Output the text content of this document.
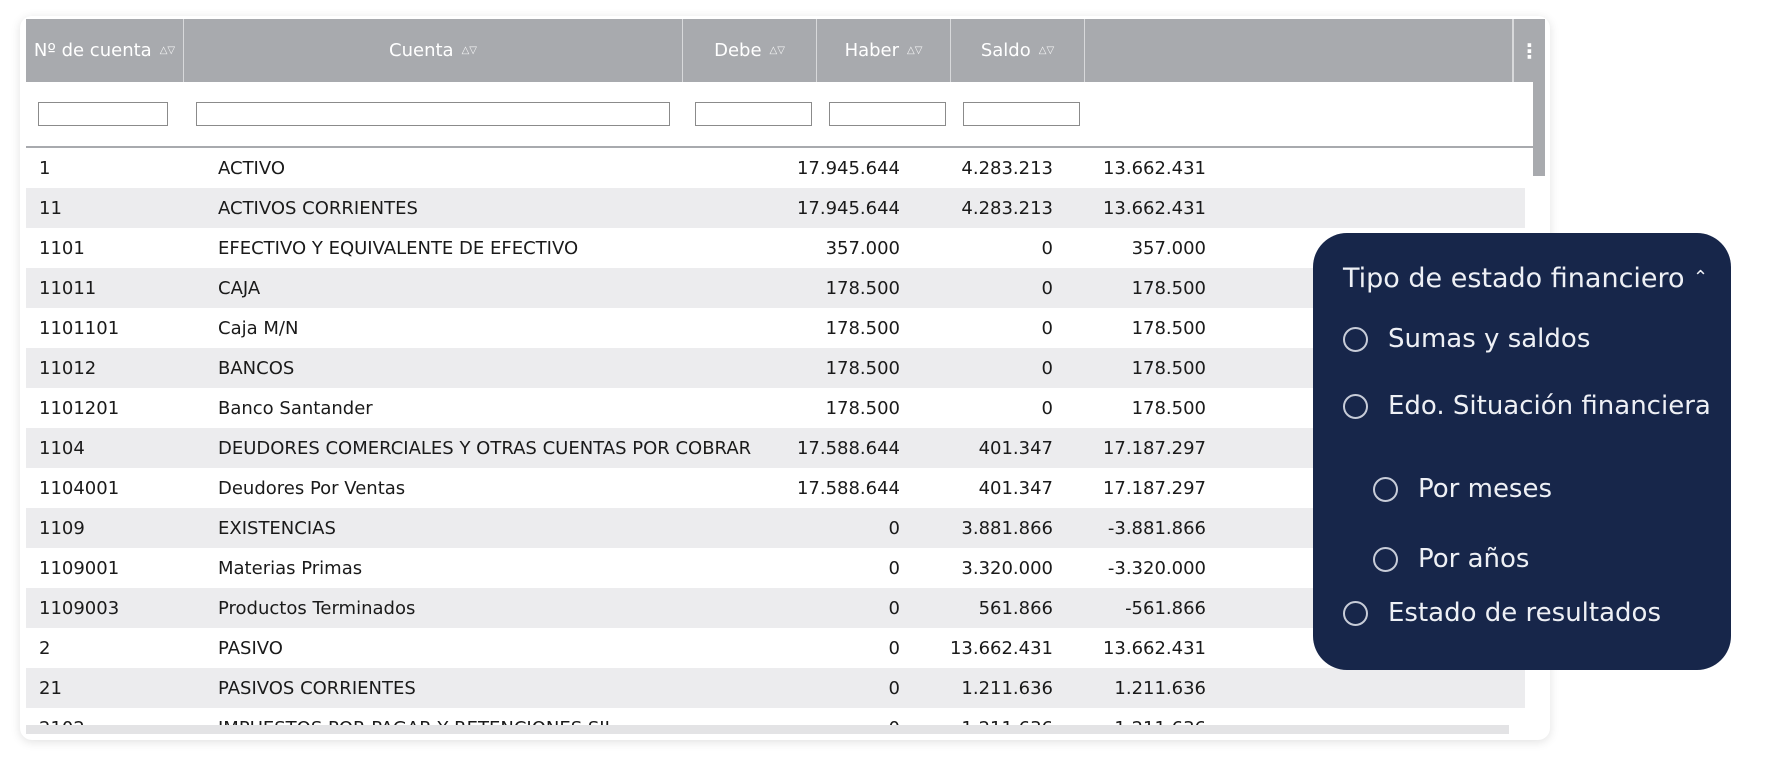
Nº de cuenta △▽	Cuenta △▽	Debe △▽	Haber △▽	Saldo △▽	⋮
1	ACTIVO	17.945.644	4.283.213	13.662.431
11	ACTIVOS CORRIENTES	17.945.644	4.283.213	13.662.431
1101	EFECTIVO Y EQUIVALENTE DE EFECTIVO	357.000	0	357.000
11011	CAJA	178.500	0	178.500
1101101	Caja M/N	178.500	0	178.500
11012	BANCOS	178.500	0	178.500
1101201	Banco Santander	178.500	0	178.500
1104	DEUDORES COMERCIALES Y OTRAS CUENTAS POR COBRAR	17.588.644	401.347	17.187.297
1104001	Deudores Por Ventas	17.588.644	401.347	17.187.297
1109	EXISTENCIAS	0	3.881.866	-3.881.866
1109001	Materias Primas	0	3.320.000	-3.320.000
1109003	Productos Terminados	0	561.866	-561.866
2	PASIVO	0	13.662.431	13.662.431
21	PASIVOS CORRIENTES	0	1.211.636	1.211.636
Tipo de estado financiero ⌃
Sumas y saldos
Edo. Situación financiera
Por meses
Por años
Estado de resultados
